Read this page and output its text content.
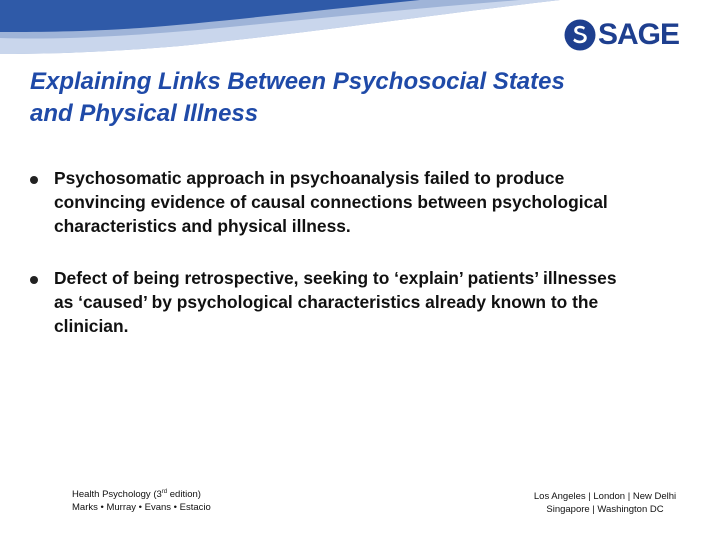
SAGE
Explaining Links Between Psychosocial States
and Physical Illness
Psychosomatic approach in psychoanalysis failed to produce
convincing evidence of causal connections between psychological
characteristics and physical illness.
Defect of being retrospective, seeking to ‘explain’ patients’ illnesses
as ‘caused’ by psychological characteristics already known to the
clinician.
Health Psychology (3rd edition)
Marks • Murray • Evans • Estacio
Los Angeles | London | New Delhi
Singapore | Washington DC
